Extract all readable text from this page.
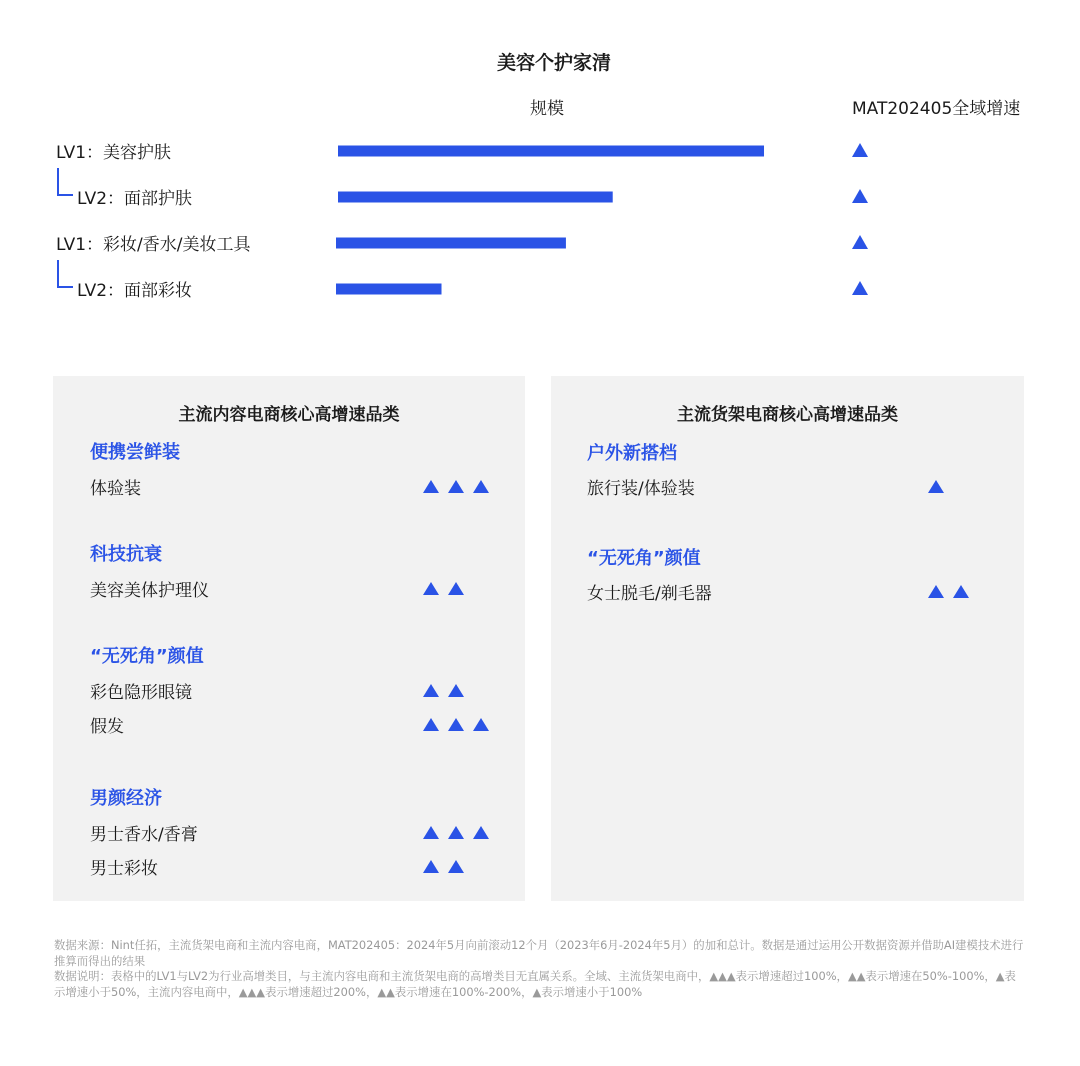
美容个护家清
规模	MAT202405全域增速
LV1：美容护肤
LV2：面部护肤
LV1：彩妆/香水/美妆工具
LV2：面部彩妆
主流内容电商核心高增速品类
便携尝鲜装
体验装
科技抗衰
美容美体护理仪
“无死角”颜值
彩色隐形眼镜
假发
男颜经济
男士香水/香膏
男士彩妆
主流货架电商核心高增速品类
户外新搭档
旅行装/体验装
“无死角”颜值
女士脱毛/剃毛器
数据来源：Nint任拓，主流货架电商和主流内容电商，MAT202405：2024年5月向前滚动12个月（2023年6月-2024年5月）的加和总计。数据是通过运用公开数据资源并借助AI建模技术进行推算而得出的结果
数据说明：表格中的LV1与LV2为行业高增类目，与主流内容电商和主流货架电商的高增类目无直属关系。全域、主流货架电商中，▲▲▲表示增速超过100%，▲▲表示增速在50%-100%，▲表示增速小于50%，主流内容电商中，▲▲▲表示增速超过200%，▲▲表示增速在100%-200%，▲表示增速小于100%
